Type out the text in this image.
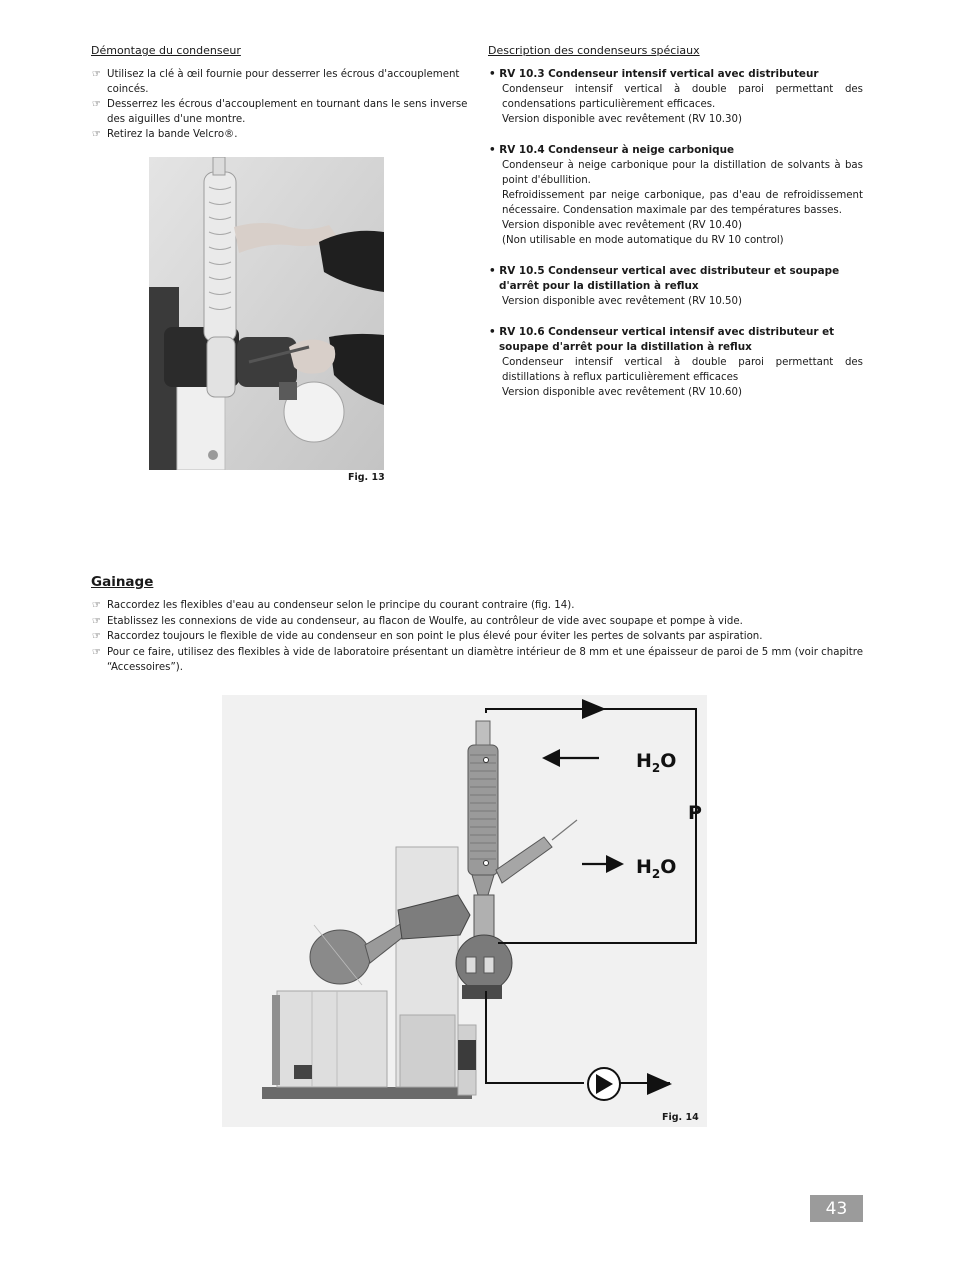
Démontage du condenseur
☞ Utilisez la clé à œil fournie pour desserrer les écrous d'accouplement coincés.
☞ Desserrez les écrous d'accouplement en tournant dans le sens inverse des aiguilles d'une montre.
☞ Retirez la bande Velcro®.
Fig. 13
Description des condenseurs spéciaux
• RV 10.3 Condenseur intensif vertical avec distributeur
Condenseur intensif vertical à double paroi permettant des condensations particulièrement efficaces.
Version disponible avec revêtement (RV 10.30)
• RV 10.4 Condenseur à neige carbonique
Condenseur à neige carbonique pour la distillation de solvants à bas point d'ébullition.
Refroidissement par neige carbonique, pas d'eau de refroidissement nécessaire. Condensation maximale par des températures basses.
Version disponible avec revêtement (RV 10.40)
(Non utilisable en mode automatique du RV 10 control)
• RV 10.5 Condenseur vertical avec distributeur et soupape d'arrêt pour la distillation à reflux
Version disponible avec revêtement (RV 10.50)
• RV 10.6 Condenseur vertical intensif avec distributeur et soupape d'arrêt pour la distillation à reflux
Condenseur intensif vertical à double paroi permettant des distillations à reflux particulièrement efficaces
Version disponible avec revêtement (RV 10.60)
Gainage
☞ Raccordez les flexibles d'eau au condenseur selon le principe du courant contraire (fig. 14).
☞ Etablissez les connexions de vide au condenseur, au flacon de Woulfe, au contrôleur de vide avec soupape et pompe à vide.
☞ Raccordez toujours le flexible de vide au condenseur en son point le plus élevé pour éviter les pertes de solvants par aspiration.
☞ Pour ce faire, utilisez des flexibles à vide de laboratoire présentant un diamètre intérieur de 8 mm et une épaisseur de paroi de 5 mm (voir chapitre “Accessoires”).
$H_2O$
$H_2O$
P
Fig. 14
43
